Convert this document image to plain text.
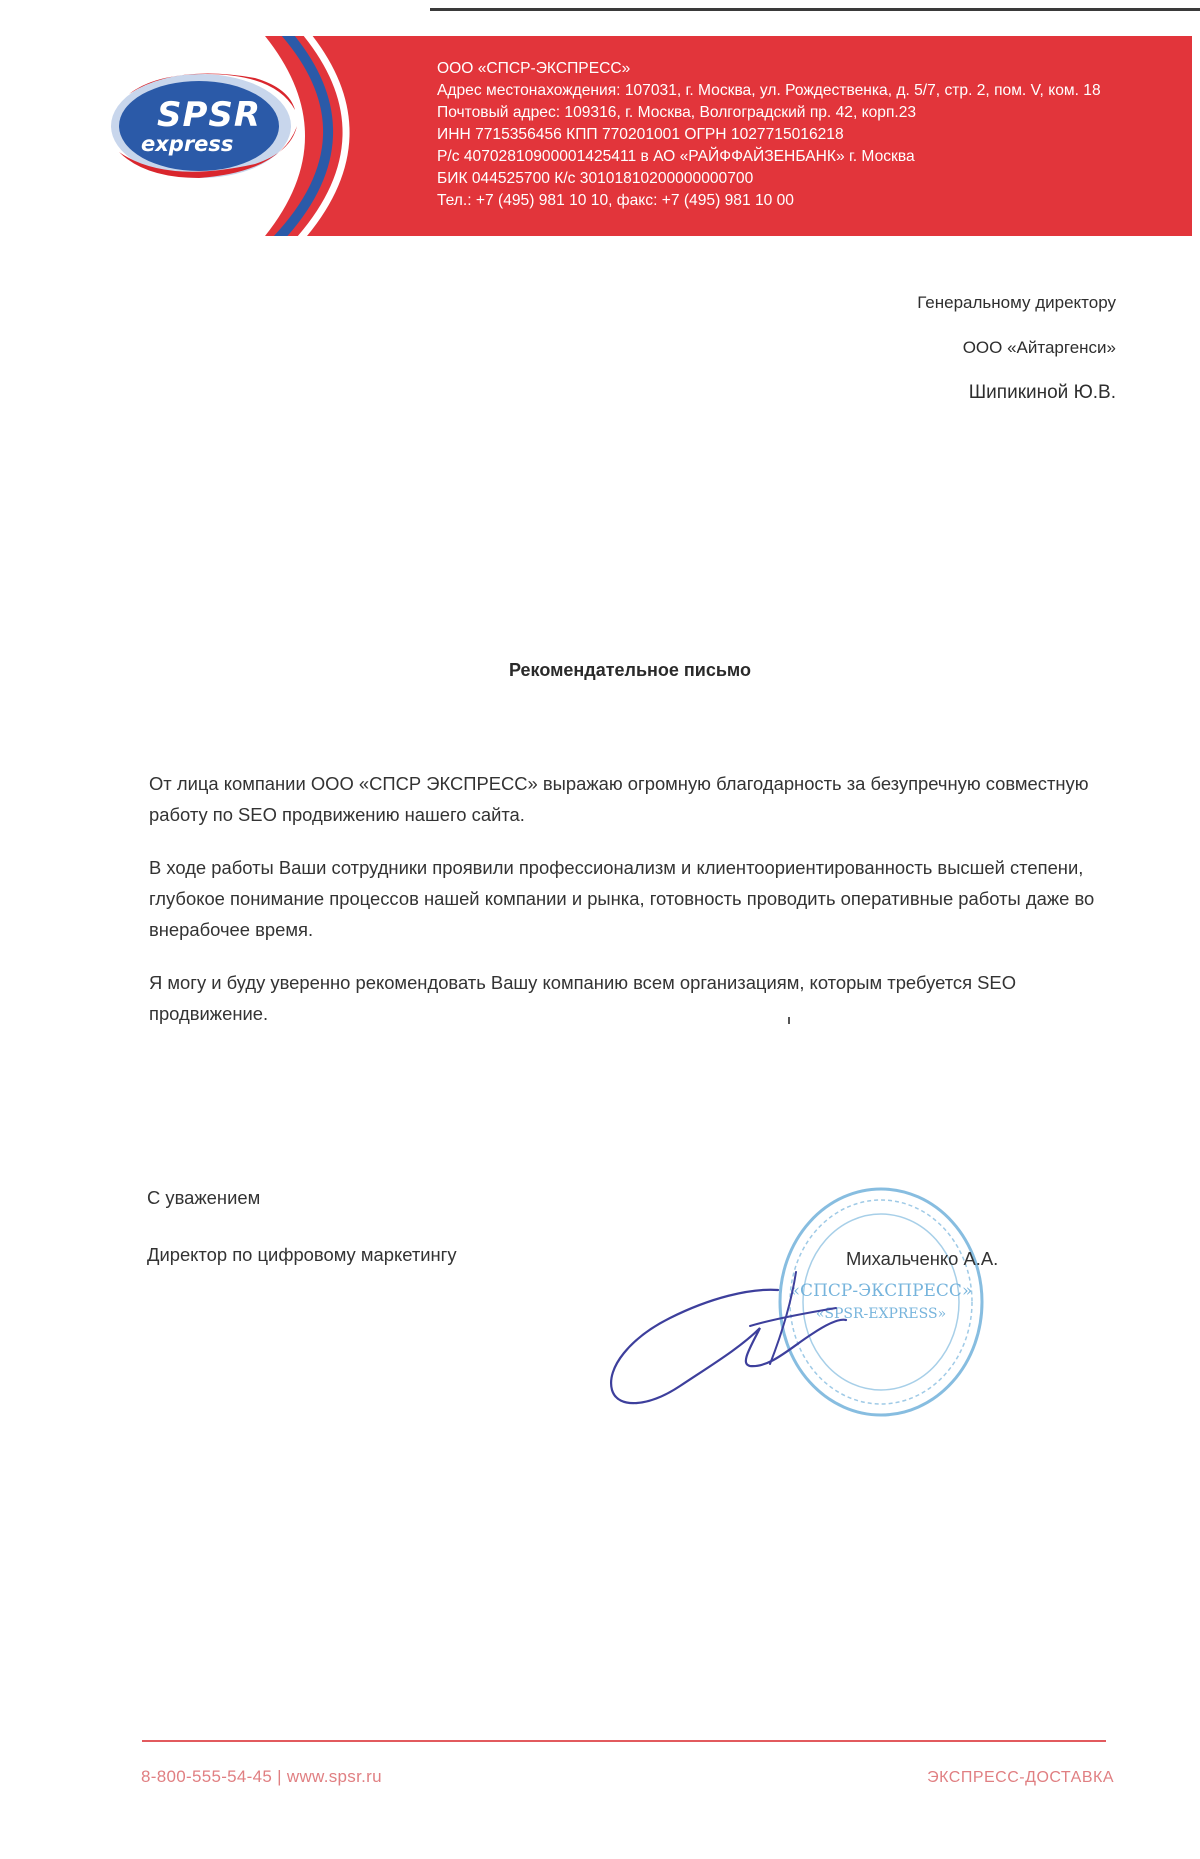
SPSR
express
ООО «СПСР-ЭКСПРЕСС»
Адрес местонахождения: 107031, г. Москва, ул. Рождественка, д. 5/7, стр. 2, пом. V, ком. 18
Почтовый адрес: 109316, г. Москва, Волгоградский пр. 42, корп.23
ИНН 7715356456 КПП 770201001 ОГРН 1027715016218
Р/с 40702810900001425411 в АО «РАЙФФАЙЗЕНБАНК» г. Москва
БИК 044525700 К/с 30101810200000000700
Тел.: +7 (495) 981 10 10, факс: +7 (495) 981 10 00
Генеральному директору
ООО «Айтаргенси»
Шипикиной Ю.В.
Рекомендательное письмо

От лица компании ООО «СПСР ЭКСПРЕСС» выражаю огромную благодарность за безупречную совместную работу по SEO продвижению нашего сайта.

В ходе работы Ваши сотрудники проявили профессионализм и клиентоориентированность высшей степени, глубокое понимание процессов нашей компании и рынка, готовность проводить оперативные работы даже во внерабочее время.

Я могу и буду уверенно рекомендовать Вашу компанию всем организациям, которым требуется SEO продвижение.

С уважением
Директор по цифровому маркетингу
«СПСР-ЭКСПРЕСС»
«SPSR-EXPRESS»
Михальченко А.А.
8-800-555-54-45 | www.spsr.ru	ЭКСПРЕСС-ДОСТАВКА
